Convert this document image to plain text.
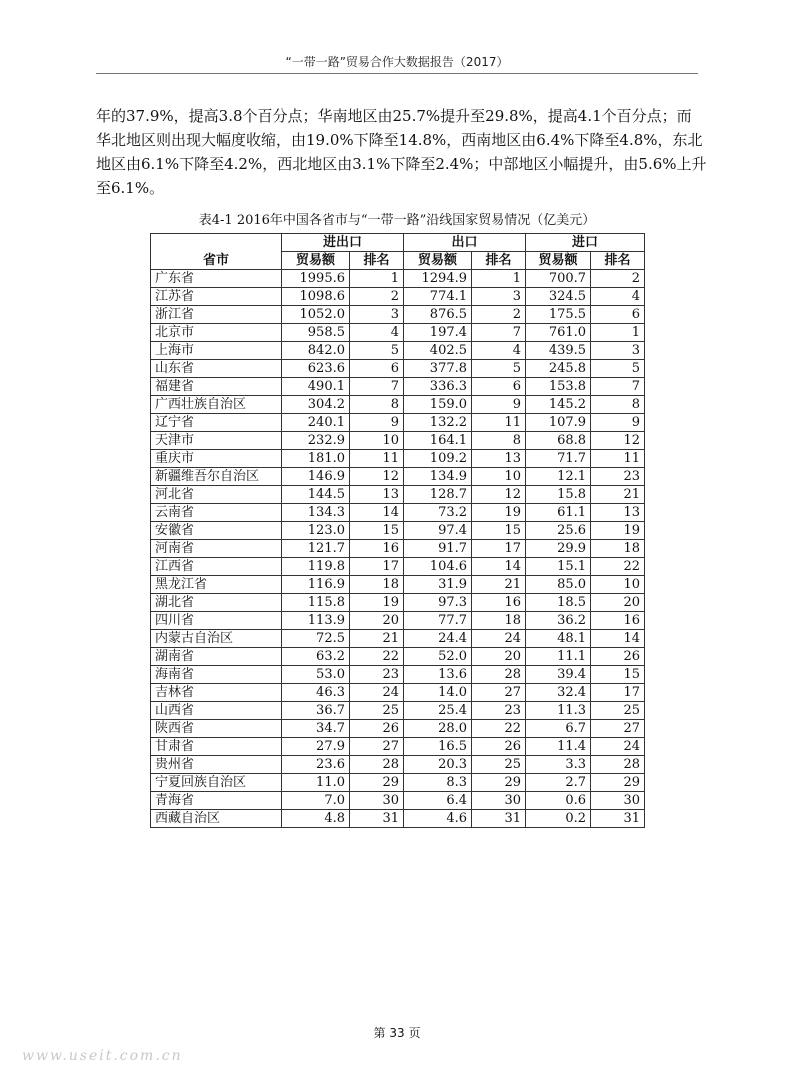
“一带一路”贸易合作大数据报告（2017）
年的37.9%，提高3.8个百分点；华南地区由25.7%提升至29.8%，提高4.1个百分点；而
华北地区则出现大幅度收缩，由19.0%下降至14.8%，西南地区由6.4%下降至4.8%，东北
地区由6.1%下降至4.2%，西北地区由3.1%下降至2.4%；中部地区小幅提升，由5.6%上升
至6.1%。
表4-1 2016年中国各省市与“一带一路”沿线国家贸易情况（亿美元）
省市	进出口		出口		进口	
	贸易额	排名	贸易额	排名	贸易额	排名
广东省	1995.6	1	1294.9	1	700.7	2
江苏省	1098.6	2	774.1	3	324.5	4
浙江省	1052.0	3	876.5	2	175.5	6
北京市	958.5	4	197.4	7	761.0	1
上海市	842.0	5	402.5	4	439.5	3
山东省	623.6	6	377.8	5	245.8	5
福建省	490.1	7	336.3	6	153.8	7
广西壮族自治区	304.2	8	159.0	9	145.2	8
辽宁省	240.1	9	132.2	11	107.9	9
天津市	232.9	10	164.1	8	68.8	12
重庆市	181.0	11	109.2	13	71.7	11
新疆维吾尔自治区	146.9	12	134.9	10	12.1	23
河北省	144.5	13	128.7	12	15.8	21
云南省	134.3	14	73.2	19	61.1	13
安徽省	123.0	15	97.4	15	25.6	19
河南省	121.7	16	91.7	17	29.9	18
江西省	119.8	17	104.6	14	15.1	22
黑龙江省	116.9	18	31.9	21	85.0	10
湖北省	115.8	19	97.3	16	18.5	20
四川省	113.9	20	77.7	18	36.2	16
内蒙古自治区	72.5	21	24.4	24	48.1	14
湖南省	63.2	22	52.0	20	11.1	26
海南省	53.0	23	13.6	28	39.4	15
吉林省	46.3	24	14.0	27	32.4	17
山西省	36.7	25	25.4	23	11.3	25
陕西省	34.7	26	28.0	22	6.7	27
甘肃省	27.9	27	16.5	26	11.4	24
贵州省	23.6	28	20.3	25	3.3	28
宁夏回族自治区	11.0	29	8.3	29	2.7	29
青海省	7.0	30	6.4	30	0.6	30
西藏自治区	4.8	31	4.6	31	0.2	31
第 33 页
www.useit.com.cn
